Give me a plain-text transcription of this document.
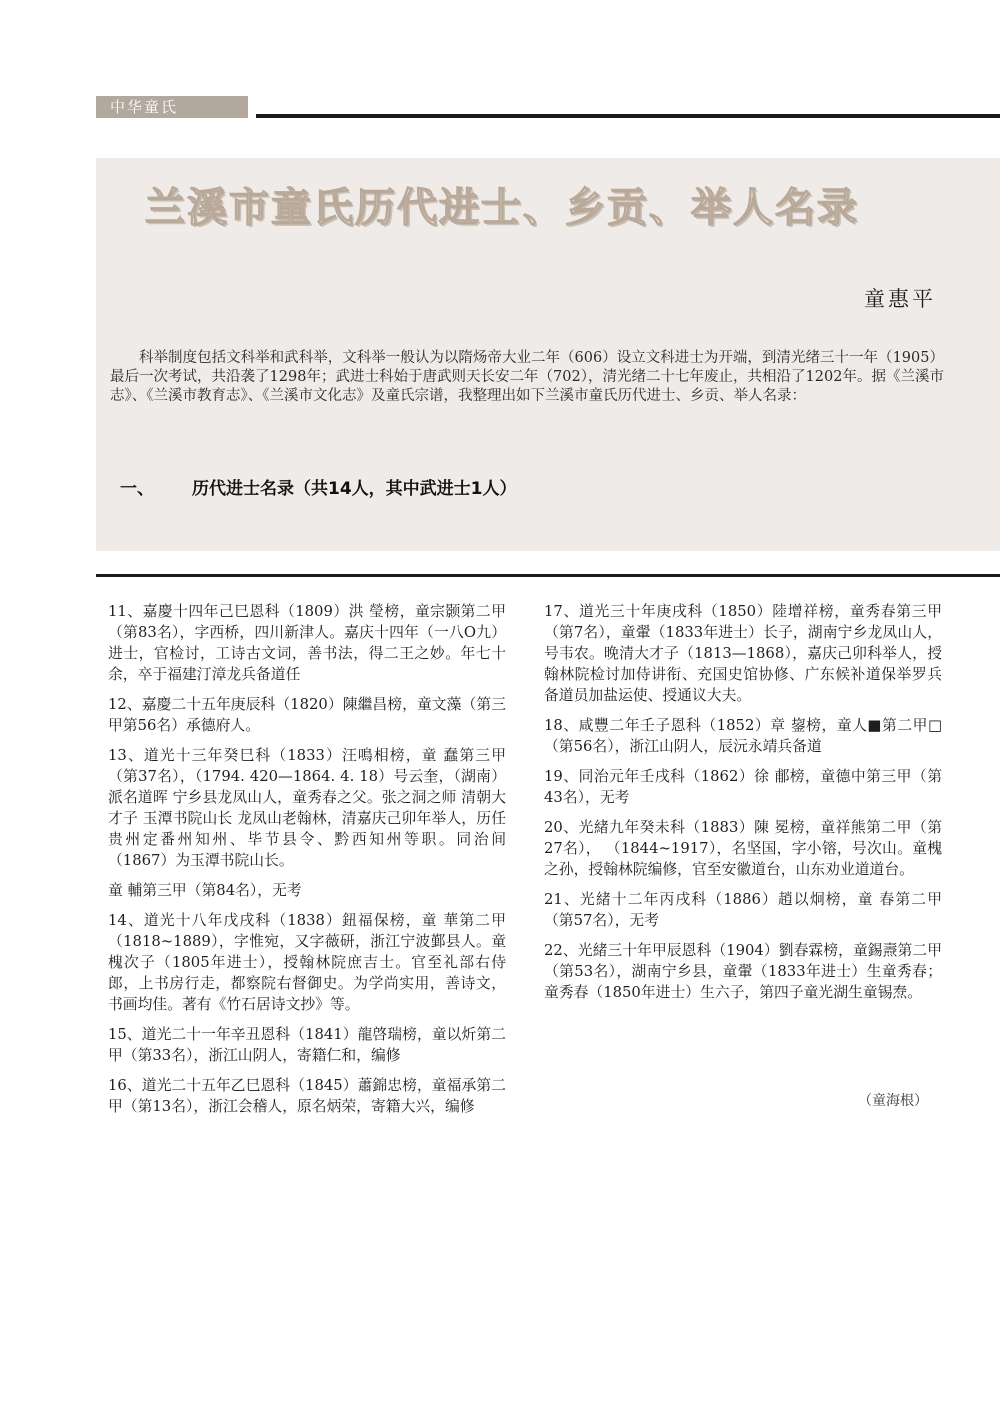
中华童氏
兰溪市童氏历代进士、乡贡、举人名录
童惠平
科举制度包括文科举和武科举，文科举一般认为以隋炀帝大业二年（606）设立文科进士为开端，到清光绪三十一年（1905）最后一次考试，共沿袭了1298年；武进士科始于唐武则天长安二年（702），清光绪二十七年废止，共相沿了1202年。据《兰溪市志》、《兰溪市教育志》、《兰溪市文化志》及童氏宗谱，我整理出如下兰溪市童氏历代进士、乡贡、举人名录：
一、 历代进士名录（共14人，其中武进士1人）

11、嘉慶十四年己巳恩科（1809）洪 瑩榜，童宗颢第二甲（第83名），字西桥，四川新津人。嘉庆十四年（一八O九）进士，官检讨，工诗古文词，善书法，得二王之妙。年七十余，卒于福建汀漳龙兵备道任

12、嘉慶二十五年庚辰科（1820）陳繼昌榜，童文藻（第三甲第56名）承德府人。

13、道光十三年癸巳科（1833）汪鳴相榜，童 蠢第三甲（第37名），（1794. 420—1864. 4. 18）号云奎，（湖南）派名道晖 宁乡县龙凤山人，童秀春之父。张之洞之师 清朝大才子 玉潭书院山长 龙凤山老翰林，清嘉庆己卯年举人，历任贵州定番州知州、毕节县令、黔西知州等职。同治间（1867）为玉潭书院山长。

童 輔第三甲（第84名），无考

14、道光十八年戊戌科（1838）鈕福保榜，童 華第二甲 （1818~1889），字惟宛，又字薇研，浙江宁波鄞县人。童槐次子（1805年进士），授翰林院庶吉士。官至礼部右侍郎，上书房行走，都察院右督御史。为学尚实用，善诗文，书画均佳。著有《竹石居诗文抄》等。

15、道光二十一年辛丑恩科（1841）龍啓瑞榜，童以炘第二甲（第33名），浙江山阴人，寄籍仁和，编修

16、道光二十五年乙巳恩科（1845）蕭錦忠榜，童福承第二甲（第13名），浙江会稽人，原名炳荣，寄籍大兴，编修

17、道光三十年庚戌科（1850）陸增祥榜，童秀春第三甲（第7名），童翬（1833年进士）长子，湖南宁乡龙凤山人，号韦农。晚清大才子（1813—1868），嘉庆己卯科举人，授翰林院检讨加侍讲衔、充国史馆协修、广东候补道保举罗兵备道员加盐运使、授通议大夫。

18、咸豐二年壬子恩科（1852）章 鋆榜，童人■第二甲□（第56名），浙江山阴人，辰沅永靖兵备道

19、同治元年壬戌科（1862）徐 郙榜，童德中第三甲（第43名），无考

20、光緒九年癸未科（1883）陳 冕榜，童祥熊第二甲（第27名）， （1844~1917），名坚国，字小镕，号次山。童槐之孙，授翰林院编修，官至安徽道台，山东劝业道道台。

21、光緒十二年丙戌科（1886）趙以炯榜，童 春第二甲（第57名），无考

22、光緒三十年甲辰恩科（1904）劉春霖榜，童錫燾第二甲（第53名），湖南宁乡县，童翬（1833年进士）生童秀春；童秀春（1850年进士）生六子，第四子童光湖生童锡焘。

（童海根）
